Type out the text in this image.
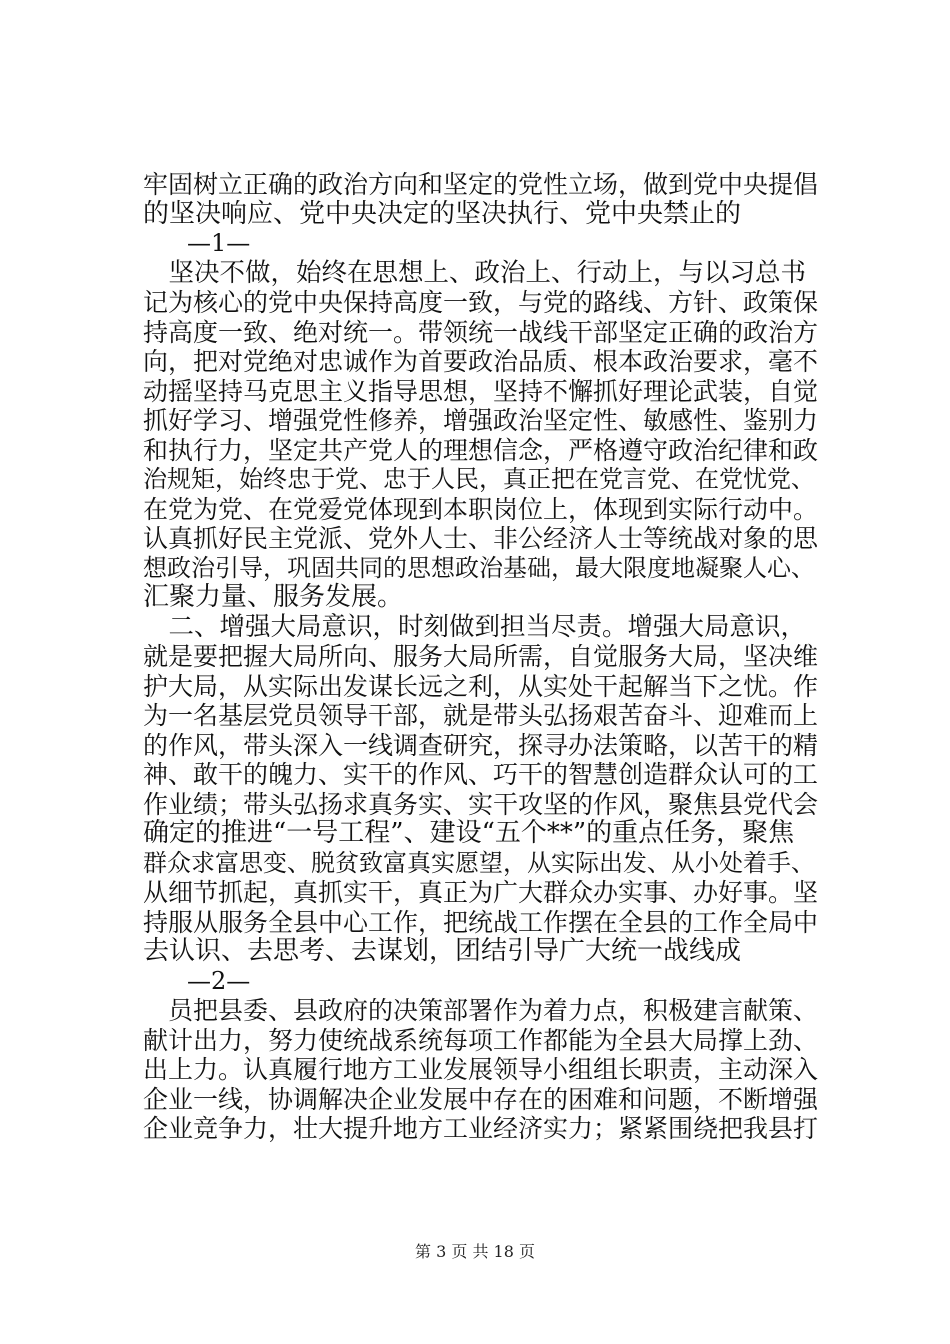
牢固树立正确的政治方向和坚定的党性立场，做到党中央提倡
的坚决响应、党中央决定的坚决执行、党中央禁止的
—1—
　坚决不做，始终在思想上、政治上、行动上，与以习总书
记为核心的党中央保持高度一致，与党的路线、方针、政策保
持高度一致、绝对统一。带领统一战线干部坚定正确的政治方
向，把对党绝对忠诚作为首要政治品质、根本政治要求，毫不
动摇坚持马克思主义指导思想，坚持不懈抓好理论武装，自觉
抓好学习、增强党性修养，增强政治坚定性、敏感性、鉴别力
和执行力，坚定共产党人的理想信念，严格遵守政治纪律和政
治规矩，始终忠于党、忠于人民，真正把在党言党、在党忧党、
在党为党、在党爱党体现到本职岗位上，体现到实际行动中。
认真抓好民主党派、党外人士、非公经济人士等统战对象的思
想政治引导，巩固共同的思想政治基础，最大限度地凝聚人心、
汇聚力量、服务发展。
　二、增强大局意识，时刻做到担当尽责。增强大局意识，
就是要把握大局所向、服务大局所需，自觉服务大局，坚决维
护大局，从实际出发谋长远之利，从实处干起解当下之忧。作
为一名基层党员领导干部，就是带头弘扬艰苦奋斗、迎难而上
的作风，带头深入一线调查研究，探寻办法策略，以苦干的精
神、敢干的魄力、实干的作风、巧干的智慧创造群众认可的工
作业绩；带头弘扬求真务实、实干攻坚的作风，聚焦县党代会
确定的推进“一号工程”、建设“五个**”的重点任务，聚焦
群众求富思变、脱贫致富真实愿望，从实际出发、从小处着手、
从细节抓起，真抓实干，真正为广大群众办实事、办好事。坚
持服从服务全县中心工作，把统战工作摆在全县的工作全局中
去认识、去思考、去谋划，团结引导广大统一战线成
—2—
　员把县委、县政府的决策部署作为着力点，积极建言献策、
献计出力，努力使统战系统每项工作都能为全县大局撑上劲、
出上力。认真履行地方工业发展领导小组组长职责，主动深入
企业一线，协调解决企业发展中存在的困难和问题，不断增强
企业竞争力，壮大提升地方工业经济实力；紧紧围绕把我县打
第 3 页 共 18 页
